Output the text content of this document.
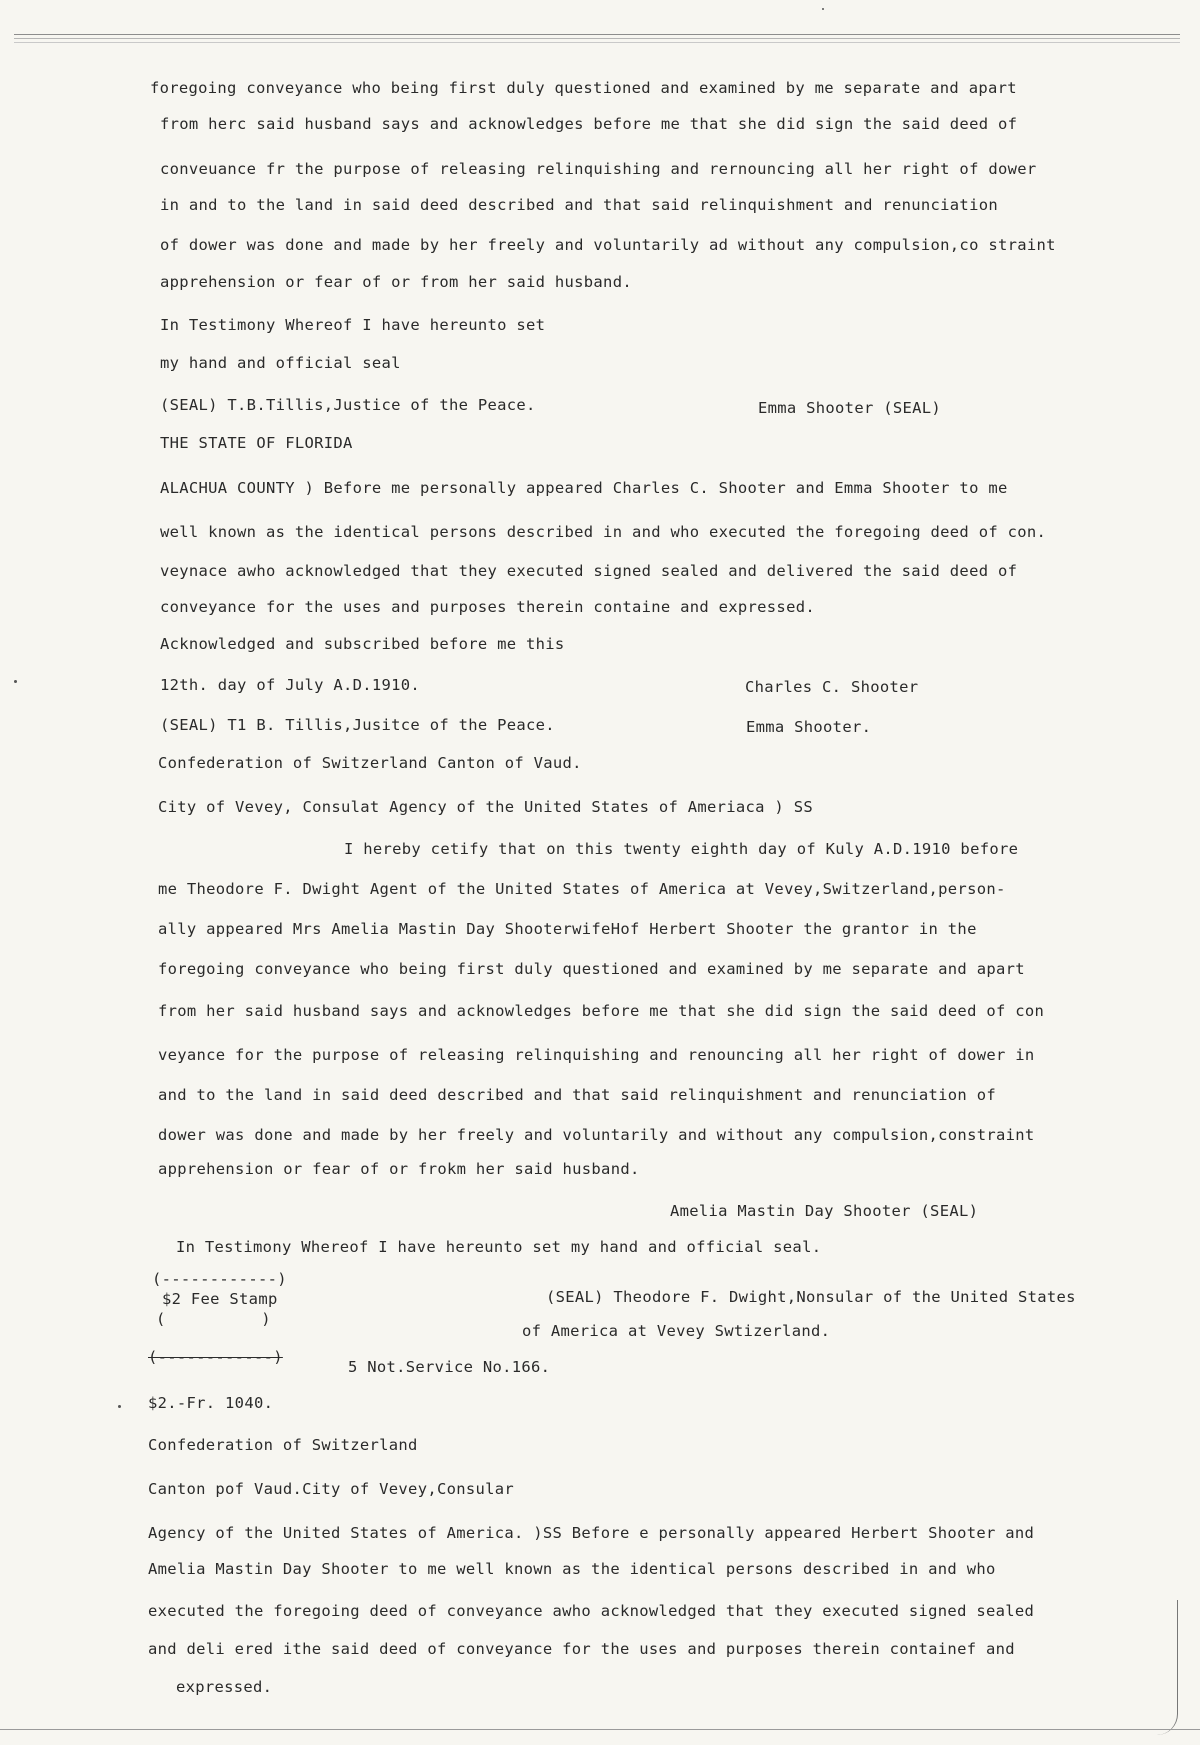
foregoing conveyance who being first duly questioned and examined by me separate and apart
from herc said husband says and acknowledges before me that she did sign the said deed of
conveuance fr the purpose of releasing relinquishing and rernouncing all her right of dower
in and to the land in said deed described and that said relinquishment and renunciation
of dower was done and made by her freely and voluntarily ad without any compulsion,co straint
apprehension or fear of or from her said husband.
In Testimony Whereof I have hereunto set
my hand and official seal
(SEAL) T.B.Tillis,Justice of the Peace.	Emma Shooter (SEAL)
THE STATE OF FLORIDA
ALACHUA COUNTY ) Before me personally appeared Charles C. Shooter and Emma Shooter to me
well known as the identical persons described in and who executed the foregoing deed of con.
veynace awho acknowledged that they executed signed sealed and delivered the said deed of
conveyance for the uses and purposes therein containe and expressed.
Acknowledged and subscribed before me this
12th. day of July A.D.1910.	Charles C. Shooter
(SEAL) T1 B. Tillis,Jusitce of the Peace.	Emma Shooter.
Confederation of Switzerland Canton of Vaud.
City of Vevey, Consulat Agency of the United States of Ameriaca ) SS
I hereby cetify that on this twenty eighth day of Kuly A.D.1910 before
me Theodore F. Dwight Agent of the United States of America at Vevey,Switzerland,person-
ally appeared Mrs Amelia Mastin Day ShooterwifeHof Herbert Shooter the grantor in the
foregoing conveyance who being first duly questioned and examined by me separate and apart
from her said husband says and acknowledges before me that she did sign the said deed of con
veyance for the purpose of releasing relinquishing and renouncing all her right of dower in
and to the land in said deed described and that said relinquishment and renunciation of
dower was done and made by her freely and voluntarily and without any compulsion,constraint
apprehension or fear of or frokm her said husband.
Amelia Mastin Day Shooter (SEAL)
In Testimony Whereof I have hereunto set my hand and official seal.
(------------)
$2 Fee Stamp
( )
(------------)
(SEAL) Theodore F. Dwight,Nonsular of the United States
of America at Vevey Swtizerland.
5 Not.Service No.166.
$2.-Fr. 1040.
Confederation of Switzerland
Canton pof Vaud.City of Vevey,Consular
Agency of the United States of America. )SS Before e personally appeared Herbert Shooter and
Amelia Mastin Day Shooter to me well known as the identical persons described in and who
executed the foregoing deed of conveyance awho acknowledged that they executed signed sealed
and deli ered ithe said deed of conveyance for the uses and purposes therein containef and
expressed.
